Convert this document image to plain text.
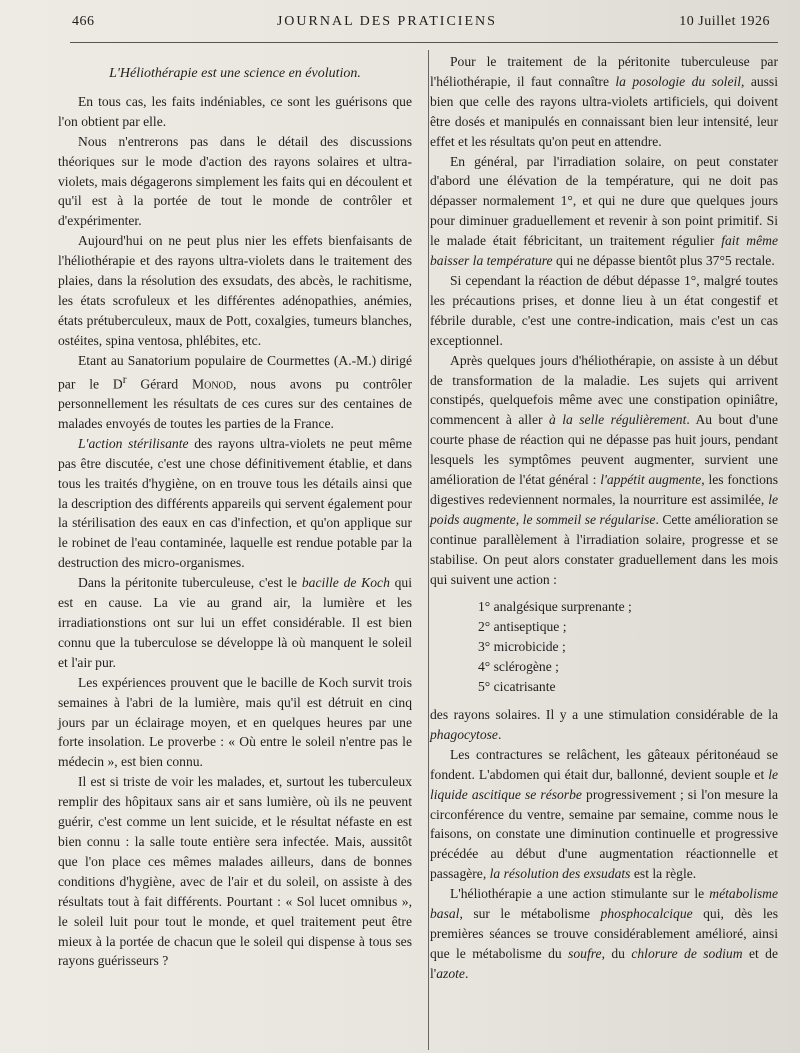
466	JOURNAL DES PRATICIENS	10 Juillet 1926

L'Héliothérapie est une science en évolution.

En tous cas, les faits indéniables, ce sont les guérisons que l'on obtient par elle.

Nous n'entrerons pas dans le détail des discussions théoriques sur le mode d'action des rayons solaires et ultra-violets, mais dégagerons simplement les faits qui en découlent et qu'il est à la portée de tout le monde de contrôler et d'expérimenter.

Aujourd'hui on ne peut plus nier les effets bienfaisants de l'héliothérapie et des rayons ultra-violets dans le traitement des plaies, dans la résolution des exsudats, des abcès, le rachitisme, les états scrofuleux et les différentes adénopathies, anémies, états prétuberculeux, maux de Pott, coxalgies, tumeurs blanches, ostéites, spina ventosa, phlébites, etc.

Etant au Sanatorium populaire de Courmettes (A.-M.) dirigé par le $D^r$ Gérard Monod, nous avons pu contrôler personnellement les résultats de ces cures sur des centaines de malades envoyés de toutes les parties de la France.

L'action stérilisante des rayons ultra-violets ne peut même pas être discutée, c'est une chose définitivement établie, et dans tous les traités d'hygiène, on en trouve tous les détails ainsi que la description des différents appareils qui servent également pour la stérilisation des eaux en cas d'infection, et qu'on applique sur le robinet de l'eau contaminée, laquelle est rendue potable par la destruction des micro-organismes.

Dans la péritonite tuberculeuse, c'est le bacille de Koch qui est en cause. La vie au grand air, la lumière et les irradiationstions ont sur lui un effet considérable. Il est bien connu que la tuberculose se développe là où manquent le soleil et l'air pur.

Les expériences prouvent que le bacille de Koch survit trois semaines à l'abri de la lumière, mais qu'il est détruit en cinq jours par un éclairage moyen, et en quelques heures par une forte insolation. Le proverbe : « Où entre le soleil n'entre pas le médecin », est bien connu.

Il est si triste de voir les malades, et, surtout les tuberculeux remplir des hôpitaux sans air et sans lumière, où ils ne peuvent guérir, c'est comme un lent suicide, et le résultat néfaste en est bien connu : la salle toute entière sera infectée. Mais, aussitôt que l'on place ces mêmes malades ailleurs, dans de bonnes conditions d'hygiène, avec de l'air et du soleil, on assiste à des résultats tout à fait différents. Pourtant : « Sol lucet omnibus », le soleil luit pour tout le monde, et quel traitement peut être mieux à la portée de chacun que le soleil qui dispense à tous ses rayons guérisseurs ?

Pour le traitement de la péritonite tuberculeuse par l'héliothérapie, il faut connaître la posologie du soleil, aussi bien que celle des rayons ultra-violets artificiels, qui doivent être dosés et manipulés en connaissant bien leur intensité, leur effet et les résultats qu'on peut en attendre.

En général, par l'irradiation solaire, on peut constater d'abord une élévation de la température, qui ne doit pas dépasser normalement 1°, et qui ne dure que quelques jours pour diminuer graduellement et revenir à son point primitif. Si le malade était fébricitant, un traitement régulier fait même baisser la température qui ne dépasse bientôt plus 37°5 rectale.

Si cependant la réaction de début dépasse 1°, malgré toutes les précautions prises, et donne lieu à un état congestif et fébrile durable, c'est une contre-indication, mais c'est un cas exceptionnel.

Après quelques jours d'héliothérapie, on assiste à un début de transformation de la maladie. Les sujets qui arrivent constipés, quelquefois même avec une constipation opiniâtre, commencent à aller à la selle régulièrement. Au bout d'une courte phase de réaction qui ne dépasse pas huit jours, pendant lesquels les symptômes peuvent augmenter, survient une amélioration de l'état général : l'appétit augmente, les fonctions digestives redeviennent normales, la nourriture est assimilée, le poids augmente, le sommeil se régularise. Cette amélioration se continue parallèlement à l'irradiation solaire, progresse et se stabilise. On peut alors constater graduellement dans les mois qui suivent une action :

1° analgésique surprenante ;
2° antiseptique ;
3° microbicide ;
4° sclérogène ;
5° cicatrisante

des rayons solaires. Il y a une stimulation considérable de la phagocytose.

Les contractures se relâchent, les gâteaux péritonéaud se fondent. L'abdomen qui était dur, ballonné, devient souple et le liquide ascitique se résorbe progressivement ; si l'on mesure la circonférence du ventre, semaine par semaine, comme nous le faisons, on constate une diminution continuelle et progressive précédée au début d'une augmentation réactionnelle et passagère, la résolution des exsudats est la règle.

L'héliothérapie a une action stimulante sur le métabolisme basal, sur le métabolisme phosphocalcique qui, dès les premières séances se trouve considérablement amélioré, ainsi que le métabolisme du soufre, du chlorure de sodium et de l'azote.
